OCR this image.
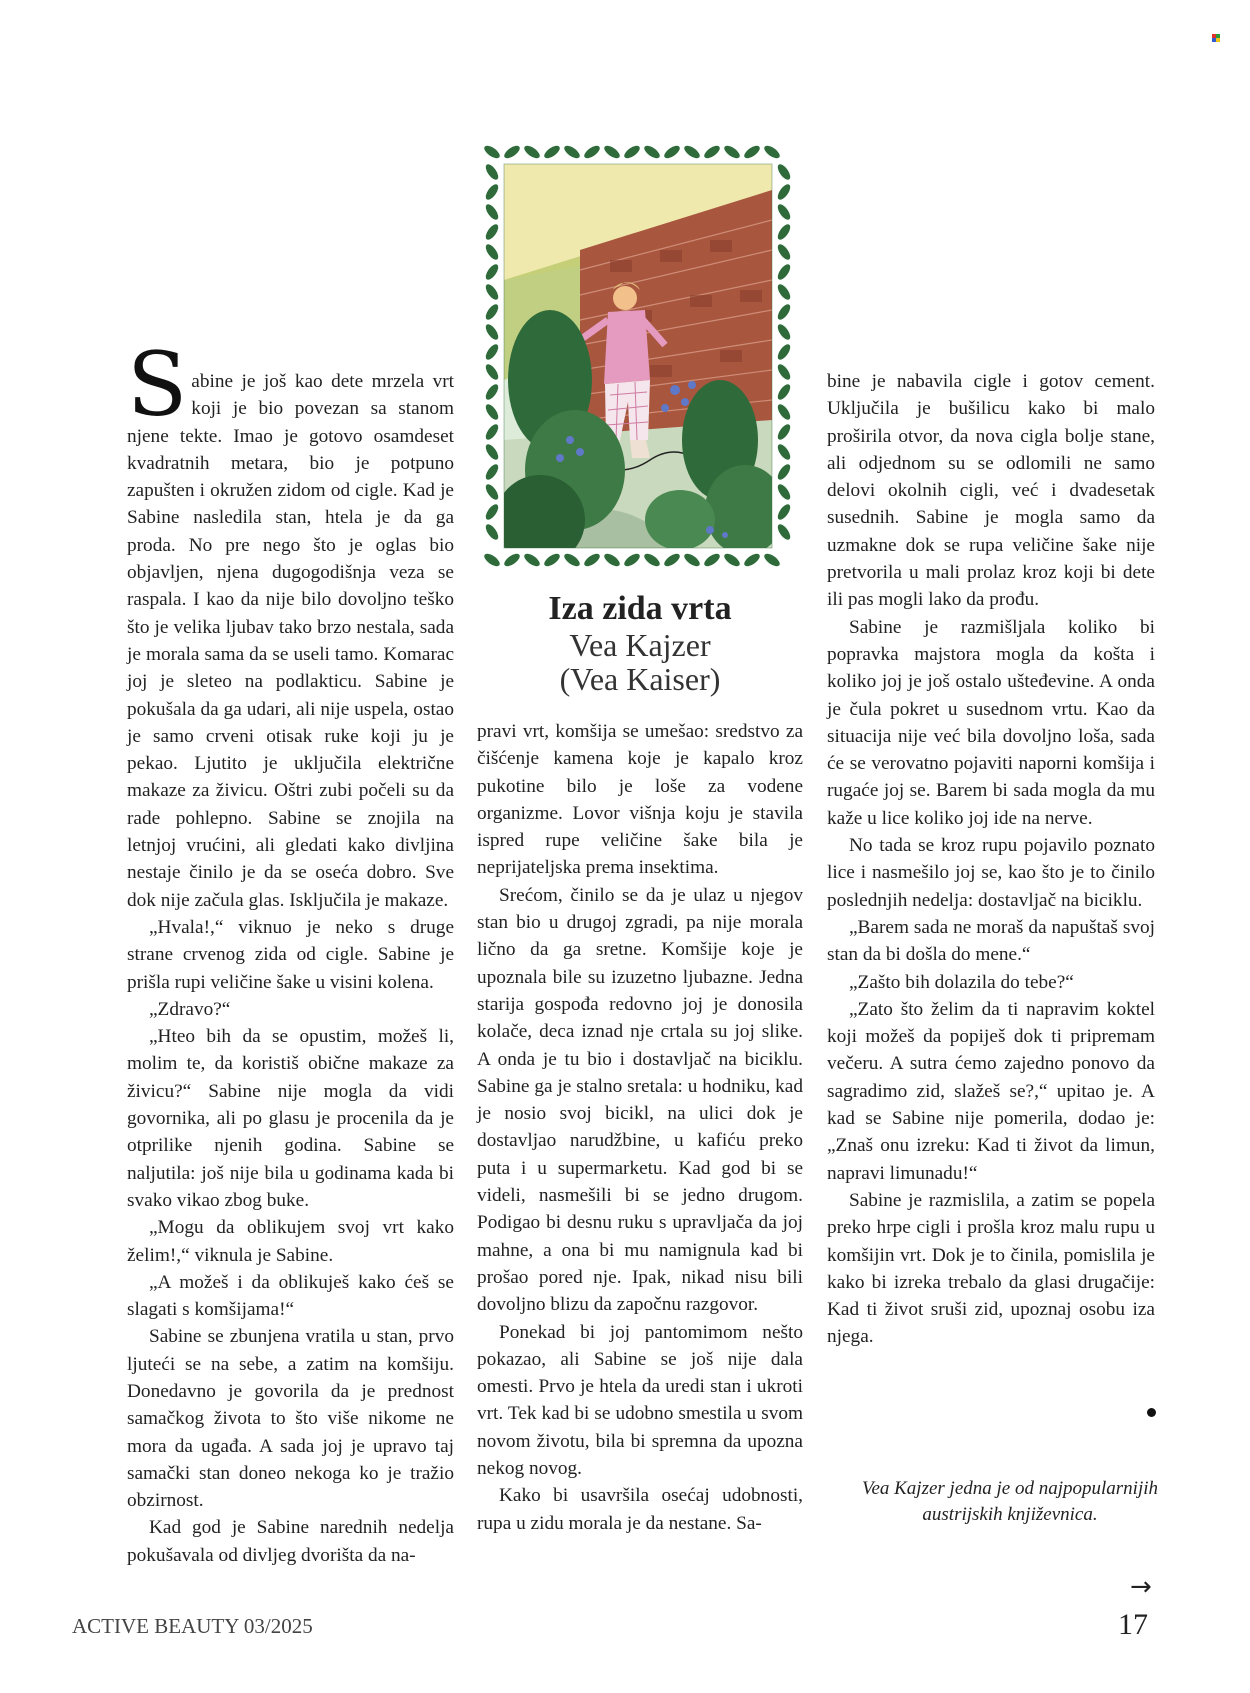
Sabine je još kao dete mrzela vrt koji je bio povezan sa stanom njene tekte. Imao je gotovo osamdeset kvadratnih metara, bio je potpuno zapušten i okružen zidom od cigle. Kad je Sabine nasledila stan, htela je da ga proda. No pre nego što je oglas bio objavljen, njena dugogodišnja veza se raspala. I kao da nije bilo dovoljno teško što je velika ljubav tako brzo nestala, sada je morala sama da se useli tamo. Komarac joj je sleteo na podlakticu. Sabine je pokušala da ga udari, ali nije uspela, ostao je samo crveni otisak ruke koji ju je pekao. Ljutito je uključila električne makaze za živicu. Oštri zubi počeli su da rade pohlepno. Sabine se znojila na letnjoj vrućini, ali gledati kako divljina nestaje činilo je da se oseća dobro. Sve dok nije začula glas. Isključila je makaze.

„Hvala!,“ viknuo je neko s druge strane crvenog zida od cigle. Sabine je prišla rupi veličine šake u visini kolena.

„Zdravo?“

„Hteo bih da se opustim, možeš li, molim te, da koristiš obične makaze za živicu?“ Sabine nije mogla da vidi govornika, ali po glasu je procenila da je otprilike njenih godina. Sabine se naljutila: još nije bila u godinama kada bi svako vikao zbog buke.

„Mogu da oblikujem svoj vrt kako želim!,“ viknula je Sabine.

„A možeš i da oblikuješ kako ćeš se slagati s komšijama!“

Sabine se zbunjena vratila u stan, prvo ljuteći se na sebe, a zatim na komšiju. Donedavno je govorila da je prednost samačkog života to što više nikome ne mora da ugađa. A sada joj je upravo taj samački stan doneo nekoga ko je tražio obzirnost.

Kad god je Sabine narednih nedelja pokušavala od divljeg dvorišta da na-

Iza zida vrta

Vea Kajzer

(Vea Kaiser)

pravi vrt, komšija se umešao: sredstvo za čišćenje kamena koje je kapalo kroz pukotine bilo je loše za vodene organizme. Lovor višnja koju je stavila ispred rupe veličine šake bila je neprijateljska prema insektima.

Srećom, činilo se da je ulaz u njegov stan bio u drugoj zgradi, pa nije morala lično da ga sretne. Komšije koje je upoznala bile su izuzetno ljubazne. Jedna starija gospođa redovno joj je donosila kolače, deca iznad nje crtala su joj slike. A onda je tu bio i dostavljač na biciklu. Sabine ga je stalno sretala: u hodniku, kad je nosio svoj bicikl, na ulici dok je dostavljao narudžbine, u kafiću preko puta i u supermarketu. Kad god bi se videli, nasmešili bi se jedno drugom. Podigao bi desnu ruku s upravljača da joj mahne, a ona bi mu namignula kad bi prošao pored nje. Ipak, nikad nisu bili dovoljno blizu da započnu razgovor.

Ponekad bi joj pantomimom nešto pokazao, ali Sabine se još nije dala omesti. Prvo je htela da uredi stan i ukroti vrt. Tek kad bi se udobno smestila u svom novom životu, bila bi spremna da upozna nekog novog.

Kako bi usavršila osećaj udobnosti, rupa u zidu morala je da nestane. Sa-

bine je nabavila cigle i gotov cement. Uključila je bušilicu kako bi malo proširila otvor, da nova cigla bolje stane, ali odjednom su se odlomili ne samo delovi okolnih cigli, već i dvadesetak susednih. Sabine je mogla samo da uzmakne dok se rupa veličine šake nije pretvorila u mali prolaz kroz koji bi dete ili pas mogli lako da prođu.

Sabine je razmišljala koliko bi popravka majstora mogla da košta i koliko joj je još ostalo ušteđevine. A onda je čula pokret u susednom vrtu. Kao da situacija nije već bila dovoljno loša, sada će se verovatno pojaviti naporni komšija i rugaće joj se. Barem bi sada mogla da mu kaže u lice koliko joj ide na nerve.

No tada se kroz rupu pojavilo poznato lice i nasmešilo joj se, kao što je to činilo poslednjih nedelja: dostavljač na biciklu.

„Barem sada ne moraš da napuštaš svoj stan da bi došla do mene.“

„Zašto bih dolazila do tebe?“

„Zato što želim da ti napravim koktel koji možeš da popiješ dok ti pripremam večeru. A sutra ćemo zajedno ponovo da sagradimo zid, slažeš se?,“ upitao je. A kad se Sabine nije pomerila, dodao je: „Znaš onu izreku: Kad ti život da limun, napravi limunadu!“

Sabine je razmislila, a zatim se popela preko hrpe cigli i prošla kroz malu rupu u komšijin vrt. Dok je to činila, pomislila je kako bi izreka trebalo da glasi drugačije: Kad ti život sruši zid, upoznaj osobu iza njega.

Vea Kajzer jedna je od najpopularnijih austrijskih književnica.
→
ACTIVE BEAUTY 03/2025	17
